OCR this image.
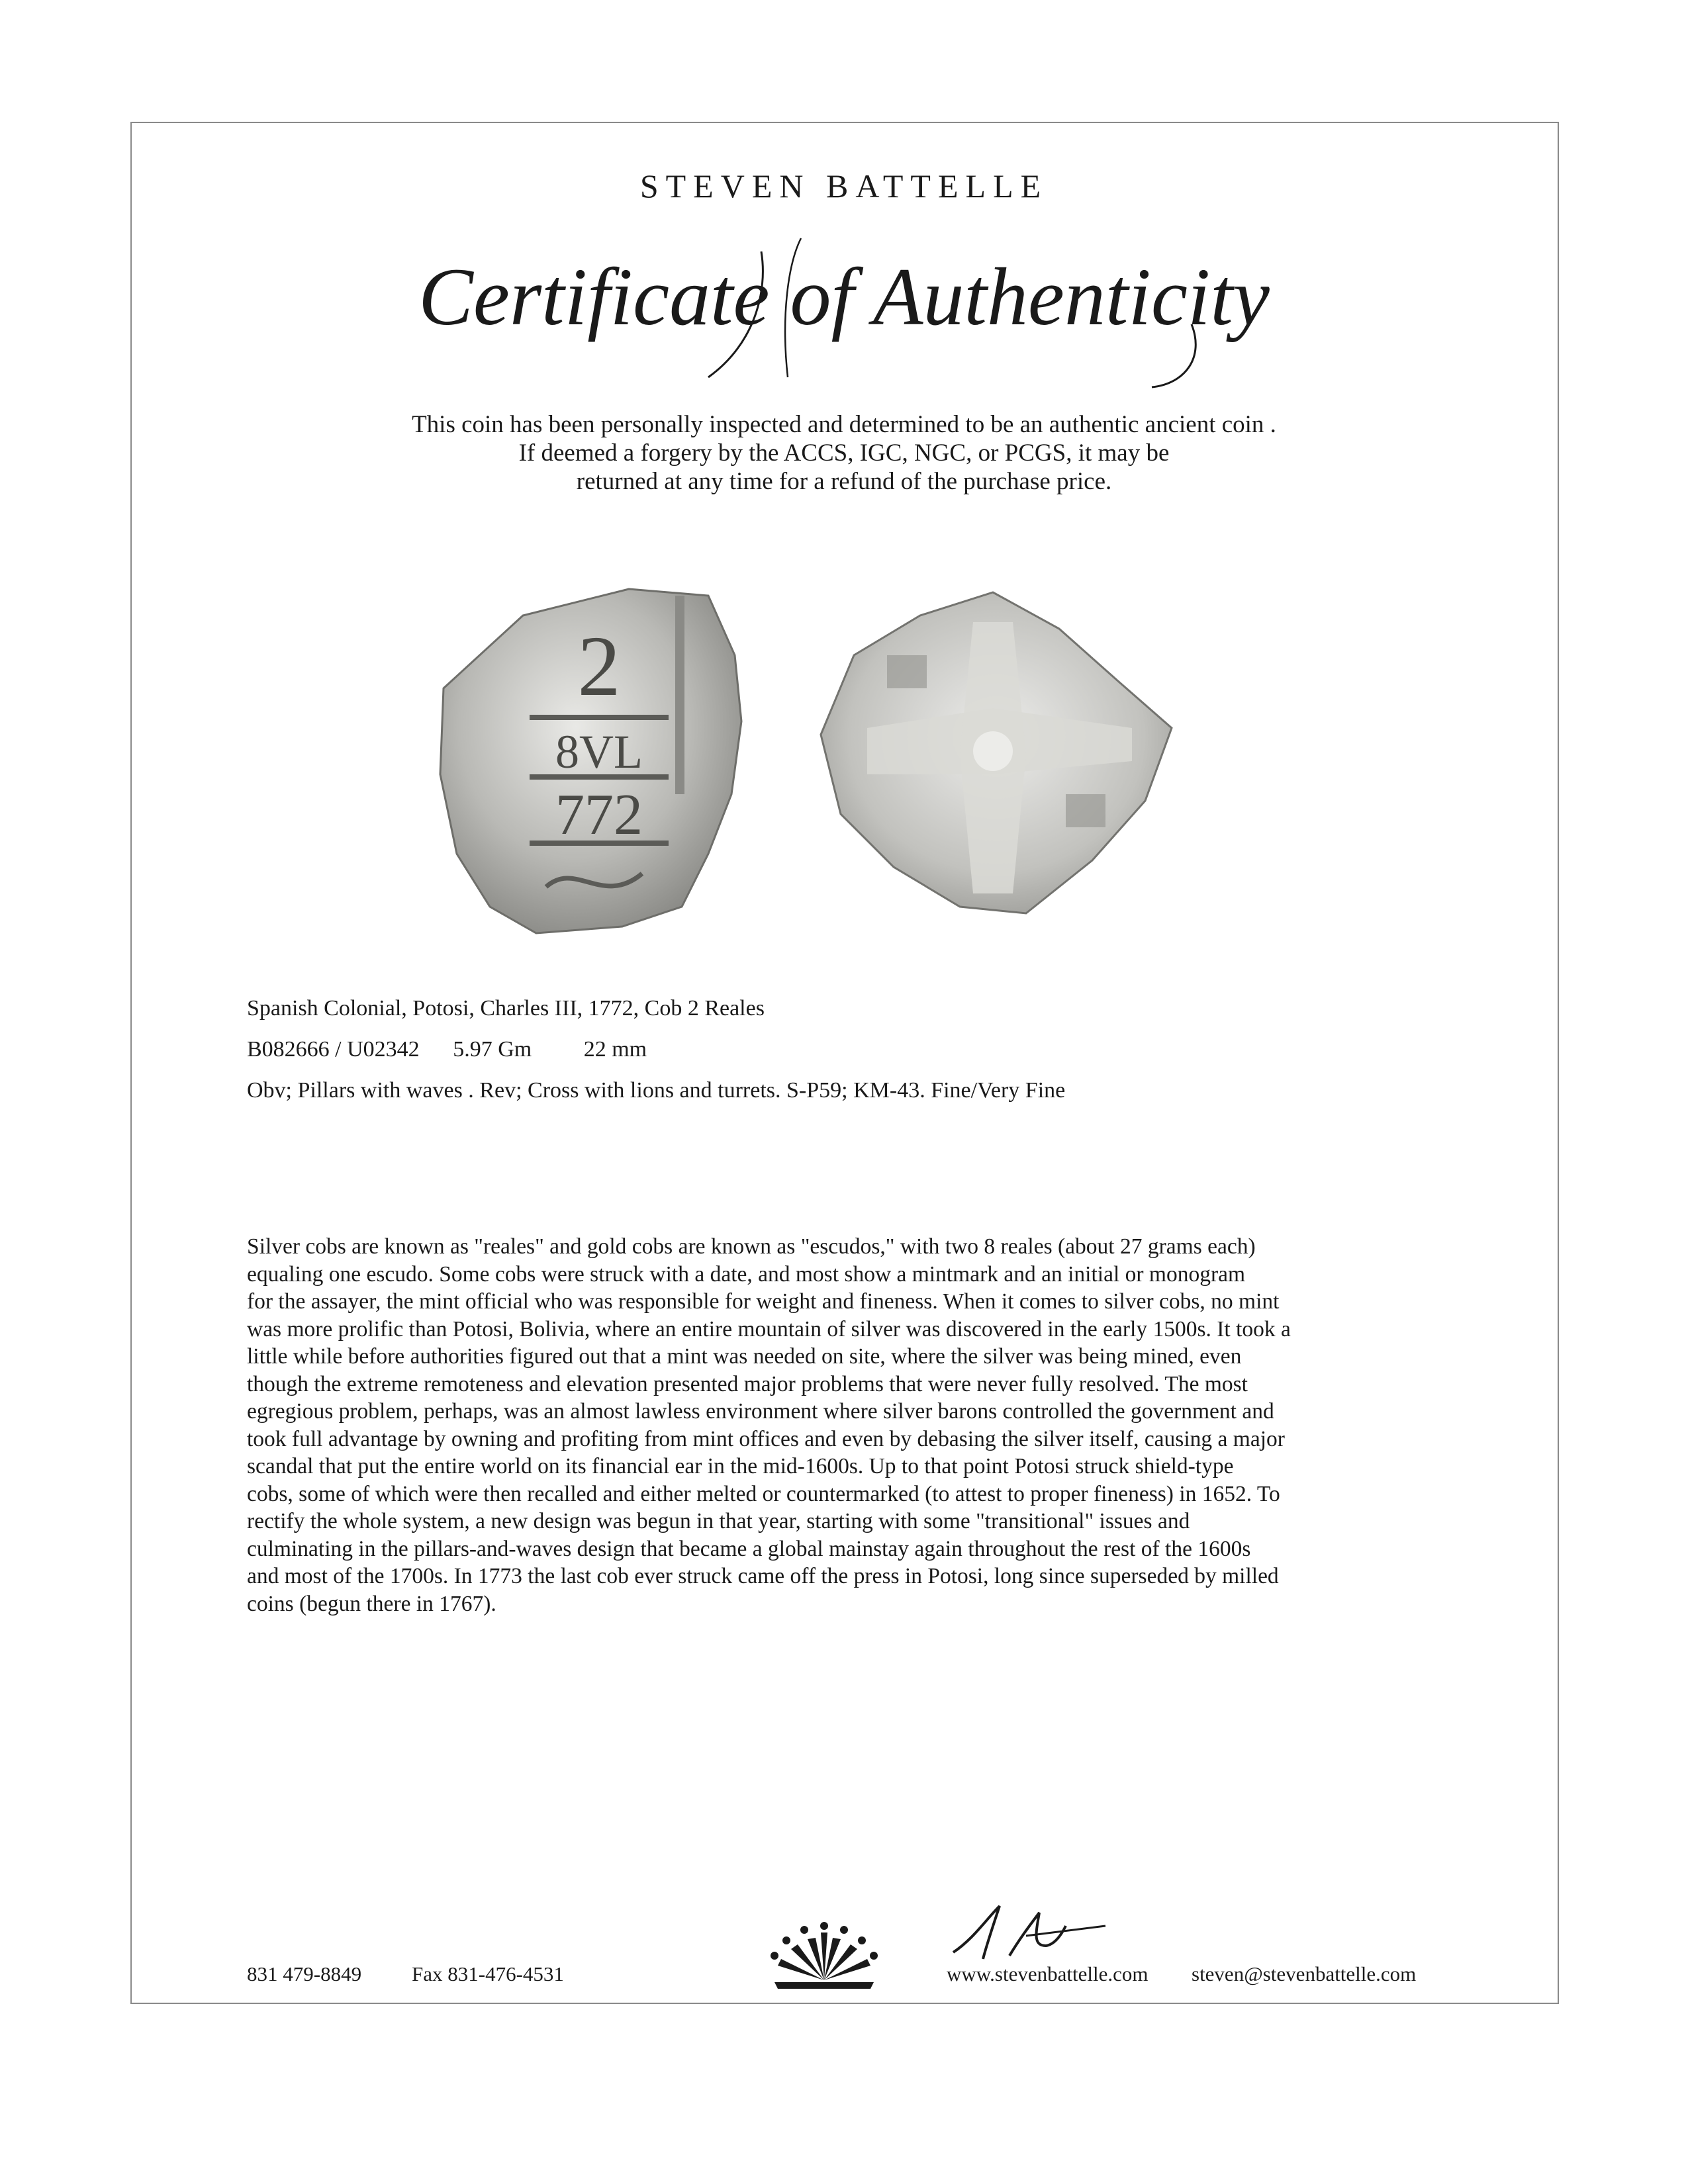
STEVEN BATTELLE
Certificate of Authenticity
This coin has been personally inspected and determined to be an authentic ancient coin .
If deemed a forgery by the ACCS, IGC, NGC, or PCGS, it may be
returned at any time for a refund of the purchase price.
2
8VL
772
Spanish Colonial, Potosi, Charles III, 1772, Cob 2 Reales
B082666 / U02342 5.97 Gm 22 mm
Obv; Pillars with waves . Rev; Cross with lions and turrets. S-P59; KM-43. Fine/Very Fine
Silver cobs are known as "reales" and gold cobs are known as "escudos," with two 8 reales (about 27 grams each)
equaling one escudo. Some cobs were struck with a date, and most show a mintmark and an initial or monogram
for the assayer, the mint official who was responsible for weight and fineness. When it comes to silver cobs, no mint
was more prolific than Potosi, Bolivia, where an entire mountain of silver was discovered in the early 1500s. It took a
little while before authorities figured out that a mint was needed on site, where the silver was being mined, even
though the extreme remoteness and elevation presented major problems that were never fully resolved. The most
egregious problem, perhaps, was an almost lawless environment where silver barons controlled the government and
took full advantage by owning and profiting from mint offices and even by debasing the silver itself, causing a major
scandal that put the entire world on its financial ear in the mid-1600s. Up to that point Potosi struck shield-type
cobs, some of which were then recalled and either melted or countermarked (to attest to proper fineness) in 1652. To
rectify the whole system, a new design was begun in that year, starting with some "transitional" issues and
culminating in the pillars-and-waves design that became a global mainstay again throughout the rest of the 1600s
and most of the 1700s. In 1773 the last cob ever struck came off the press in Potosi, long since superseded by milled
coins (begun there in 1767).
831 479-8849 Fax 831-476-4531	www.stevenbattelle.com steven@stevenbattelle.com
